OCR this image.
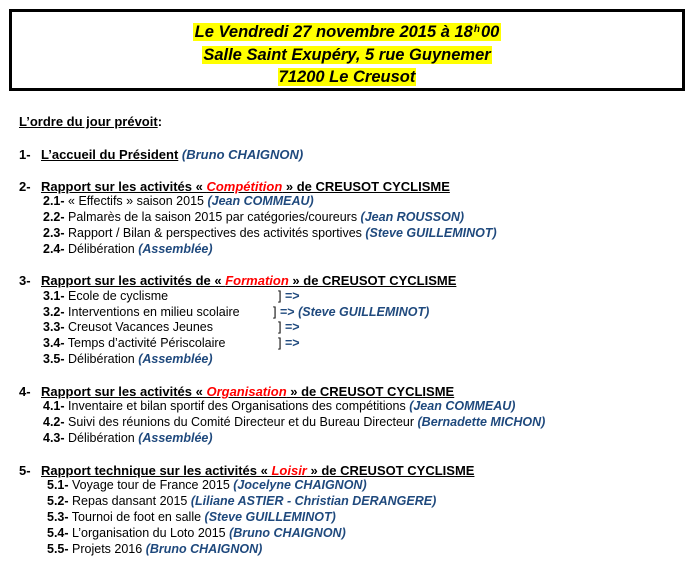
Le Vendredi 27 novembre 2015 à 18$^h$00
Salle Saint Exupéry, 5 rue Guynemer
71200 Le Creusot
L’ordre du jour prévoit:
1- L’accueil du Président (Bruno CHAIGNON)
2- Rapport sur les activités « Compétition » de CREUSOT CYCLISME
2.1- « Effectifs » saison 2015 (Jean COMMEAU)
2.2- Palmarès de la saison 2015 par catégories/coureurs (Jean ROUSSON)
2.3- Rapport / Bilan & perspectives des activités sportives (Steve GUILLEMINOT)
2.4- Délibération (Assemblée)
3- Rapport sur les activités de « Formation » de CREUSOT CYCLISME
3.1- Ecole de cyclisme
3.2- Interventions en milieu scolaire
3.3- Creusot Vacances Jeunes
3.4- Temps d’activité Périscolaire
3.5- Délibération (Assemblée)
] =>
] => (Steve GUILLEMINOT)
] =>
] =>
4- Rapport sur les activités « Organisation » de CREUSOT CYCLISME
4.1- Inventaire et bilan sportif des Organisations des compétitions (Jean COMMEAU)
4.2- Suivi des réunions du Comité Directeur et du Bureau Directeur (Bernadette MICHON)
4.3- Délibération (Assemblée)
5- Rapport technique sur les activités « Loisir » de CREUSOT CYCLISME
5.1- Voyage tour de France 2015 (Jocelyne CHAIGNON)
5.2- Repas dansant 2015 (Liliane ASTIER - Christian DERANGERE)
5.3- Tournoi de foot en salle (Steve GUILLEMINOT)
5.4- L’organisation du Loto 2015 (Bruno CHAIGNON)
5.5- Projets 2016 (Bruno CHAIGNON)
